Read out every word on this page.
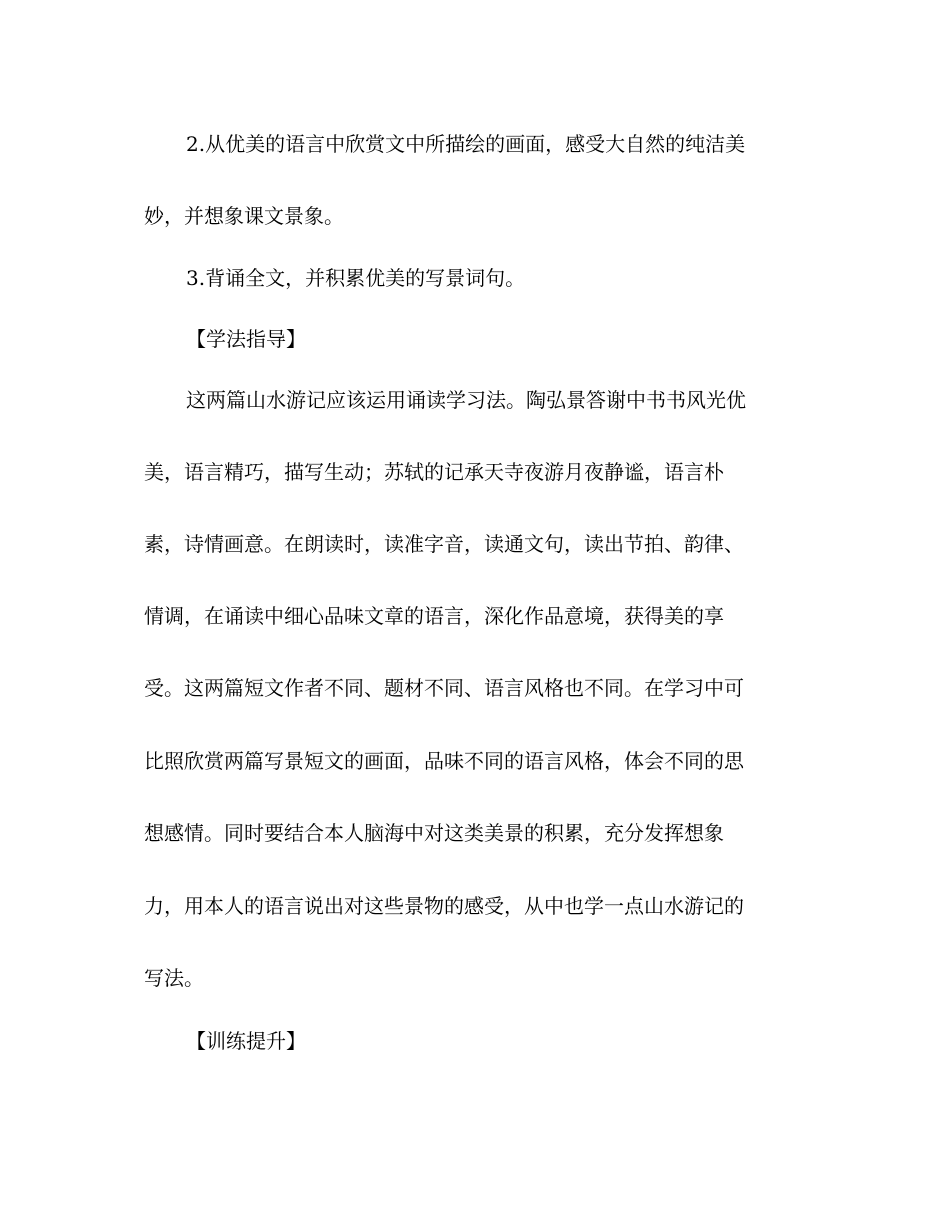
2.从优美的语言中欣赏文中所描绘的画面，感受大自然的纯洁美
妙，并想象课文景象。
3.背诵全文，并积累优美的写景词句。
【学法指导】
这两篇山水游记应该运用诵读学习法。陶弘景答谢中书书风光优
美，语言精巧，描写生动；苏轼的记承天寺夜游月夜静谧，语言朴
素，诗情画意。在朗读时，读准字音，读通文句，读出节拍、韵律、
情调，在诵读中细心品味文章的语言，深化作品意境，获得美的享
受。这两篇短文作者不同、题材不同、语言风格也不同。在学习中可
比照欣赏两篇写景短文的画面，品味不同的语言风格，体会不同的思
想感情。同时要结合本人脑海中对这类美景的积累，充分发挥想象
力，用本人的语言说出对这些景物的感受，从中也学一点山水游记的
写法。
【训练提升】
